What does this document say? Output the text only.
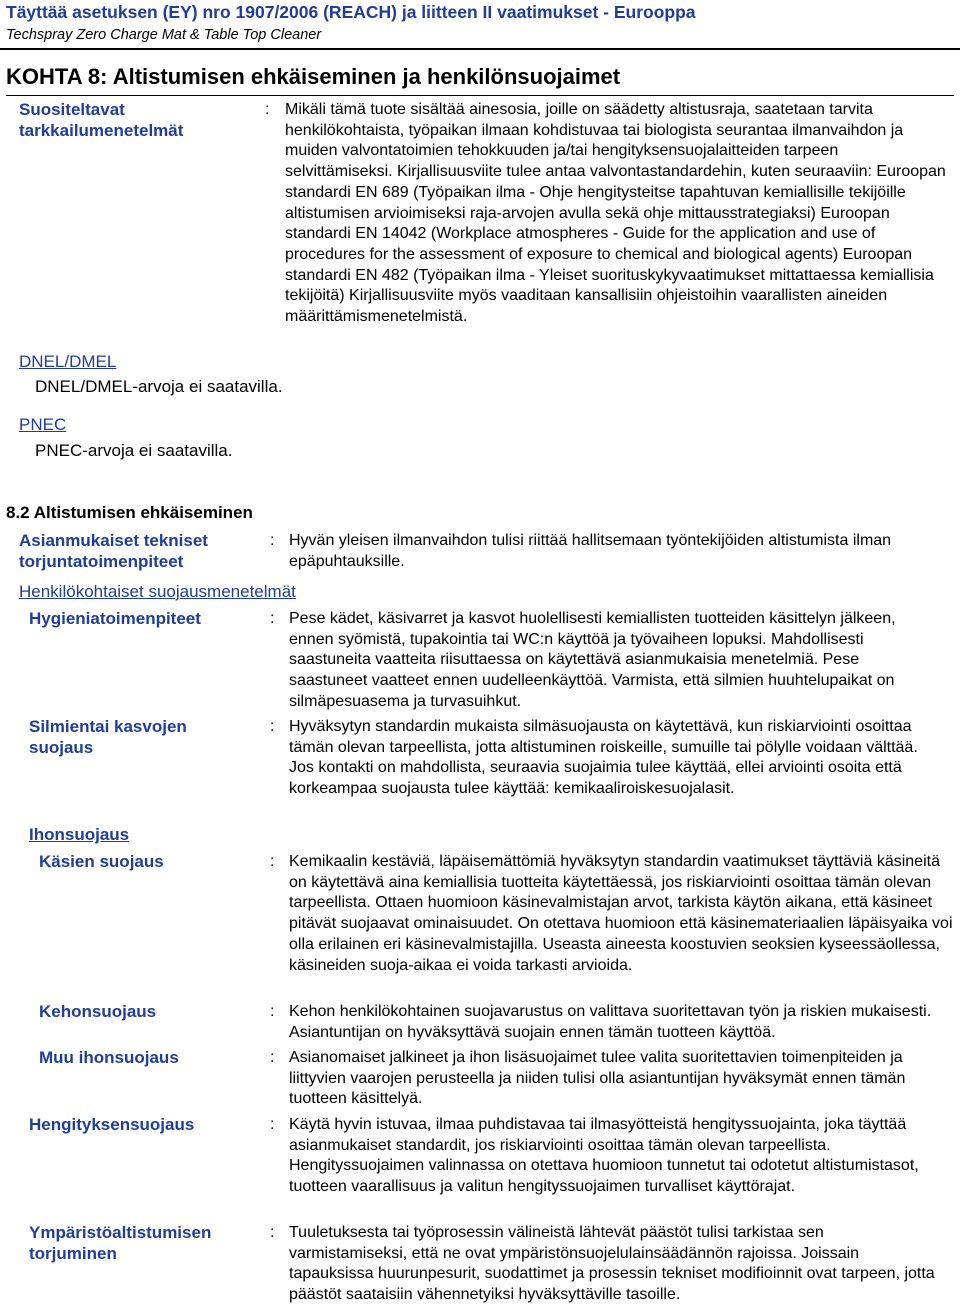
Täyttää asetuksen (EY) nro 1907/2006 (REACH) ja liitteen II vaatimukset - Eurooppa
Techspray Zero Charge Mat & Table Top Cleaner
KOHTA 8: Altistumisen ehkäiseminen ja henkilönsuojaimet
Suositeltavat
tarkkailumenetelmät
: Mikäli tämä tuote sisältää ainesosia, joille on säädetty altistusraja, saatetaan tarvita henkilökohtaista, työpaikan ilmaan kohdistuvaa tai biologista seurantaa ilmanvaihdon ja muiden valvontatoimien tehokkuuden ja/tai hengityksensuojalaitteiden tarpeen selvittämiseksi. Kirjallisuusviite tulee antaa valvontastandardehin, kuten seuraaviin: Euroopan standardi EN 689 (Työpaikan ilma - Ohje hengitysteitse tapahtuvan kemiallisille tekijöille altistumisen arvioimiseksi raja-arvojen avulla sekä ohje mittausstrategiaksi) Euroopan standardi EN 14042 (Workplace atmospheres - Guide for the application and use of procedures for the assessment of exposure to chemical and biological agents) Euroopan standardi EN 482 (Työpaikan ilma - Yleiset suorituskykyvaatimukset mittattaessa kemiallisia tekijöitä) Kirjallisuusviite myös vaaditaan kansallisiin ohjeistoihin vaarallisten aineiden määrittämismenetelmistä.
DNEL/DMEL
DNEL/DMEL-arvoja ei saatavilla.
PNEC
PNEC-arvoja ei saatavilla.
8.2 Altistumisen ehkäiseminen
Asianmukaiset tekniset
torjuntatoimenpiteet
: Hyvän yleisen ilmanvaihdon tulisi riittää hallitsemaan työntekijöiden altistumista ilman epäpuhtauksille.
Henkilökohtaiset suojausmenetelmät
Hygieniatoimenpiteet	: Pese kädet, käsivarret ja kasvot huolellisesti kemiallisten tuotteiden käsittelyn jälkeen, ennen syömistä, tupakointia tai WC:n käyttöä ja työvaiheen lopuksi. Mahdollisesti saastuneita vaatteita riisuttaessa on käytettävä asianmukaisia menetelmiä. Pese saastuneet vaatteet ennen uudelleenkäyttöä. Varmista, että silmien huuhtelupaikat on silmäpesuasema ja turvasuihkut.
Silmientai kasvojen
suojaus
: Hyväksytyn standardin mukaista silmäsuojausta on käytettävä, kun riskiarviointi osoittaa tämän olevan tarpeellista, jotta altistuminen roiskeille, sumuille tai pölylle voidaan välttää. Jos kontakti on mahdollista, seuraavia suojaimia tulee käyttää, ellei arviointi osoita että korkeampaa suojausta tulee käyttää: kemikaaliroiskesuojalasit.
Ihonsuojaus
Käsien suojaus	: Kemikaalin kestäviä, läpäisemättömiä hyväksytyn standardin vaatimukset täyttäviä käsineitä on käytettävä aina kemiallisia tuotteita käytettäessä, jos riskiarviointi osoittaa tämän olevan tarpeellista. Ottaen huomioon käsinevalmistajan arvot, tarkista käytön aikana, että käsineet pitävät suojaavat ominaisuudet. On otettava huomioon että käsinemateriaalien läpäisyaika voi olla erilainen eri käsinevalmistajilla. Useasta aineesta koostuvien seoksien kyseessäollessa, käsineiden suoja-aikaa ei voida tarkasti arvioida.
Kehonsuojaus	: Kehon henkilökohtainen suojavarustus on valittava suoritettavan työn ja riskien mukaisesti. Asiantuntijan on hyväksyttävä suojain ennen tämän tuotteen käyttöä.
Muu ihonsuojaus	: Asianomaiset jalkineet ja ihon lisäsuojaimet tulee valita suoritettavien toimenpiteiden ja liittyvien vaarojen perusteella ja niiden tulisi olla asiantuntijan hyväksymät ennen tämän tuotteen käsittelyä.
Hengityksensuojaus	: Käytä hyvin istuvaa, ilmaa puhdistavaa tai ilmasyötteistä hengityssuojainta, joka täyttää asianmukaiset standardit, jos riskiarviointi osoittaa tämän olevan tarpeellista. Hengityssuojaimen valinnassa on otettava huomioon tunnetut tai odotetut altistumistasot, tuotteen vaarallisuus ja valitun hengityssuojaimen turvalliset käyttörajat.
Ympäristöaltistumisen
torjuminen
: Tuuletuksesta tai työprosessin välineistä lähtevät päästöt tulisi tarkistaa sen varmistamiseksi, että ne ovat ympäristönsuojelulainsäädännön rajoissa. Joissain tapauksissa huurunpesurit, suodattimet ja prosessin tekniset modifioinnit ovat tarpeen, jotta päästöt saataisiin vähennetyiksi hyväksyttäville tasoille.
